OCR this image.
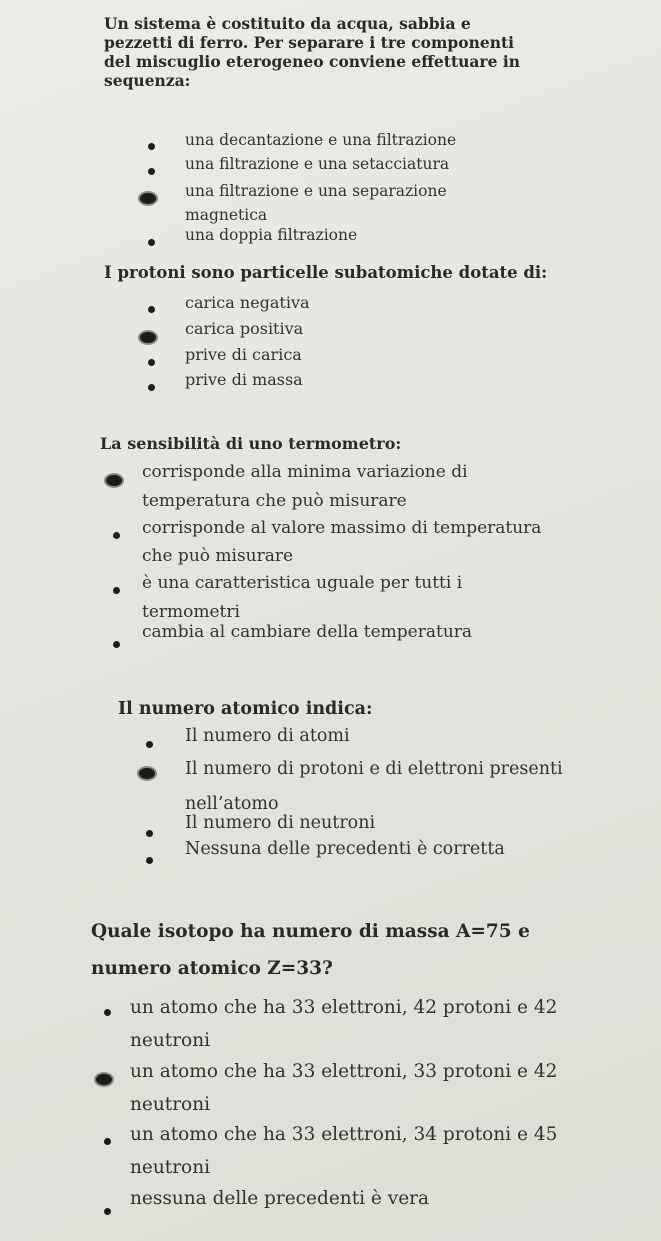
Un sistema è costituito da acqua, sabbia e
pezzetti di ferro. Per separare i tre componenti
del miscuglio eterogeneo conviene effettuare in
sequenza:
una decantazione e una filtrazione
una filtrazione e una setacciatura
una filtrazione e una separazione
magnetica
una doppia filtrazione
I protoni sono particelle subatomiche dotate di:
carica negativa
carica positiva
prive di carica
prive di massa
La sensibilità di uno termometro:
corrisponde alla minima variazione di
temperatura che può misurare
corrisponde al valore massimo di temperatura
che può misurare
è una caratteristica uguale per tutti i
termometri
cambia al cambiare della temperatura
Il numero atomico indica:
Il numero di atomi
Il numero di protoni e di elettroni presenti
nell’atomo
Il numero di neutroni
Nessuna delle precedenti è corretta
Quale isotopo ha numero di massa A=75 e
numero atomico Z=33?
un atomo che ha 33 elettroni, 42 protoni e 42
neutroni
un atomo che ha 33 elettroni, 33 protoni e 42
neutroni
un atomo che ha 33 elettroni, 34 protoni e 45
neutroni
nessuna delle precedenti è vera
